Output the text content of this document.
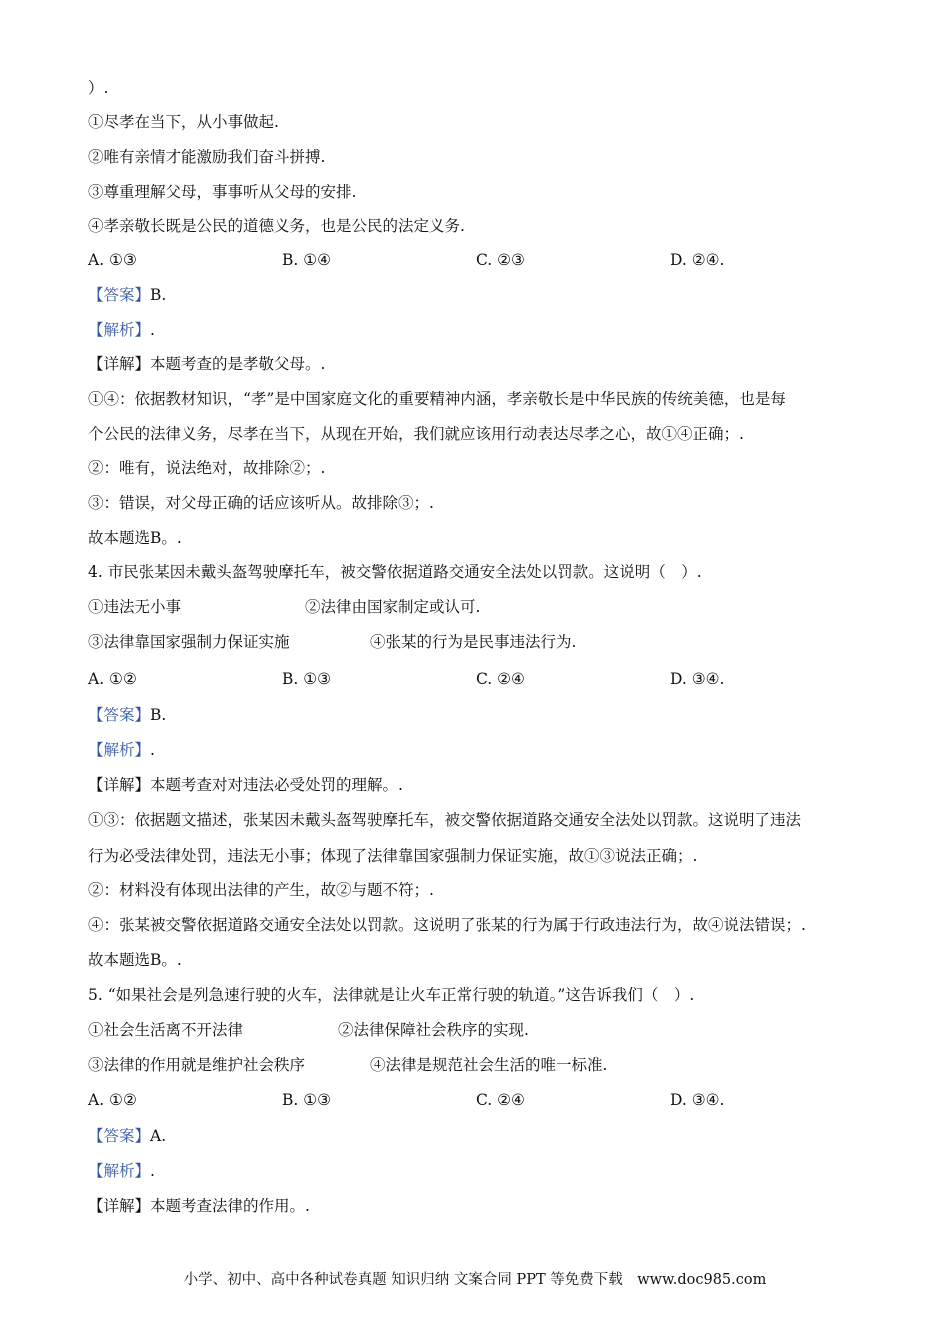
）.
①尽孝在当下，从小事做起.
②唯有亲情才能激励我们奋斗拼搏.
③尊重理解父母，事事听从父母的安排.
④孝亲敬长既是公民的道德义务，也是公民的法定义务.
A. ①③	B. ①④	C. ②③	D. ②④.
【答案】B.
【解析】.
【详解】本题考查的是孝敬父母。.
①④：依据教材知识，“孝”是中国家庭文化的重要精神内涵，孝亲敬长是中华民族的传统美德，也是每
个公民的法律义务，尽孝在当下，从现在开始，我们就应该用行动表达尽孝之心，故①④正确；.
②：唯有，说法绝对，故排除②；.
③：错误，对父母正确的话应该听从。故排除③；.
故本题选B。.
4. 市民张某因未戴头盔驾驶摩托车，被交警依据道路交通安全法处以罚款。这说明（　）.
①违法无小事	②法律由国家制定或认可.
③法律靠国家强制力保证实施	④张某的行为是民事违法行为.
A. ①②	B. ①③	C. ②④	D. ③④.
【答案】B.
【解析】.
【详解】本题考查对对违法必受处罚的理解。.
①③：依据题文描述，张某因未戴头盔驾驶摩托车，被交警依据道路交通安全法处以罚款。这说明了违法
行为必受法律处罚，违法无小事；体现了法律靠国家强制力保证实施，故①③说法正确；.
②：材料没有体现出法律的产生，故②与题不符；.
④：张某被交警依据道路交通安全法处以罚款。这说明了张某的行为属于行政违法行为，故④说法错误；.
故本题选B。.
5. “如果社会是列急速行驶的火车，法律就是让火车正常行驶的轨道。”这告诉我们（　）.
①社会生活离不开法律	②法律保障社会秩序的实现.
③法律的作用就是维护社会秩序	④法律是规范社会生活的唯一标准.
A. ①②	B. ①③	C. ②④	D. ③④.
【答案】A.
【解析】.
【详解】本题考查法律的作用。.
小学、初中、高中各种试卷真题 知识归纳 文案合同 PPT 等免费下载　www.doc985.com
